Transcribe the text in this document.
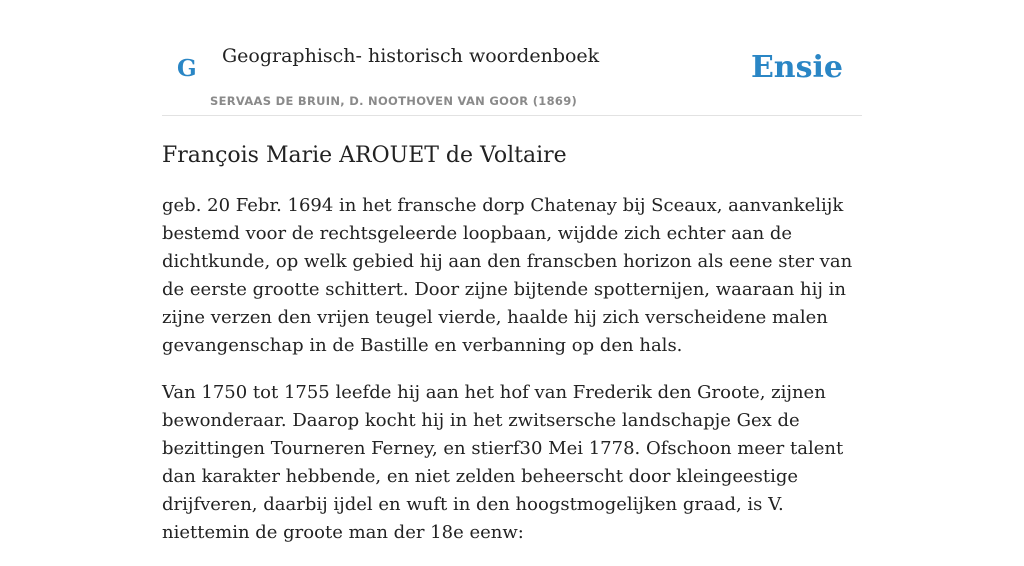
G Geographisch- historisch woordenboek
SERVAAS DE BRUIN, D. NOOTHOVEN VAN GOOR (1869)
Ensie
François Marie AROUET de Voltaire

geb. 20 Febr. 1694 in het fransche dorp Chatenay bij Sceaux, aanvankelijk bestemd voor de rechtsgeleerde loopbaan, wijdde zich echter aan de dichtkunde, op welk gebied hij aan den franscben horizon als eene ster van de eerste grootte schittert. Door zijne bijtende spotternijen, waaraan hij in zijne verzen den vrijen teugel vierde, haalde hij zich verscheidene malen gevangenschap in de Bastille en verbanning op den hals.

Van 1750 tot 1755 leefde hij aan het hof van Frederik den Groote, zijnen bewonderaar. Daarop kocht hij in het zwitsersche landschapje Gex de bezittingen Tourneren Ferney, en stierf30 Mei 1778. Ofschoon meer talent dan karakter hebbende, en niet zelden beheerscht door kleingeestige drijfveren, daarbij ijdel en wuft in den hoogstmogelijken graad, is V. niettemin de groote man der 18e eenw:
